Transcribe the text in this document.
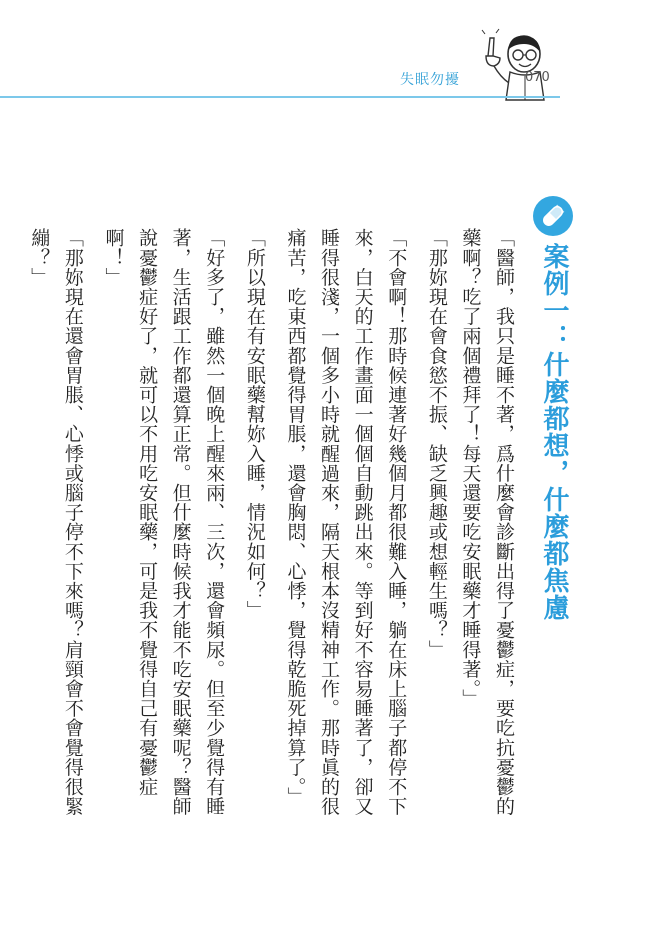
失眠勿擾	070
案例一：什麼都想，什麼都焦慮

「醫師，我只是睡不著，爲什麼會診斷出得了憂鬱症，要吃抗憂鬱的藥啊？吃了兩個禮拜了！每天還要吃安眠藥才睡得著。」

「那妳現在會食慾不振、缺乏興趣或想輕生嗎？」

「不會啊！那時候連著好幾個月都很難入睡，躺在床上腦子都停不下來，白天的工作畫面一個個自動跳出來。等到好不容易睡著了，卻又睡得很淺，一個多小時就醒過來，隔天根本沒精神工作。那時眞的很痛苦，吃東西都覺得胃脹，還會胸悶、心悸，覺得乾脆死掉算了。」

「所以現在有安眠藥幫妳入睡，情況如何？」

「好多了，雖然一個晚上醒來兩、三次，還會頻尿。但至少覺得有睡著，生活跟工作都還算正常。但什麼時候我才能不吃安眠藥呢？醫師說憂鬱症好了，就可以不用吃安眠藥，可是我不覺得自己有憂鬱症啊！」

「那妳現在還會胃脹、心悸或腦子停不下來嗎？肩頸會不會覺得很緊繃？」
